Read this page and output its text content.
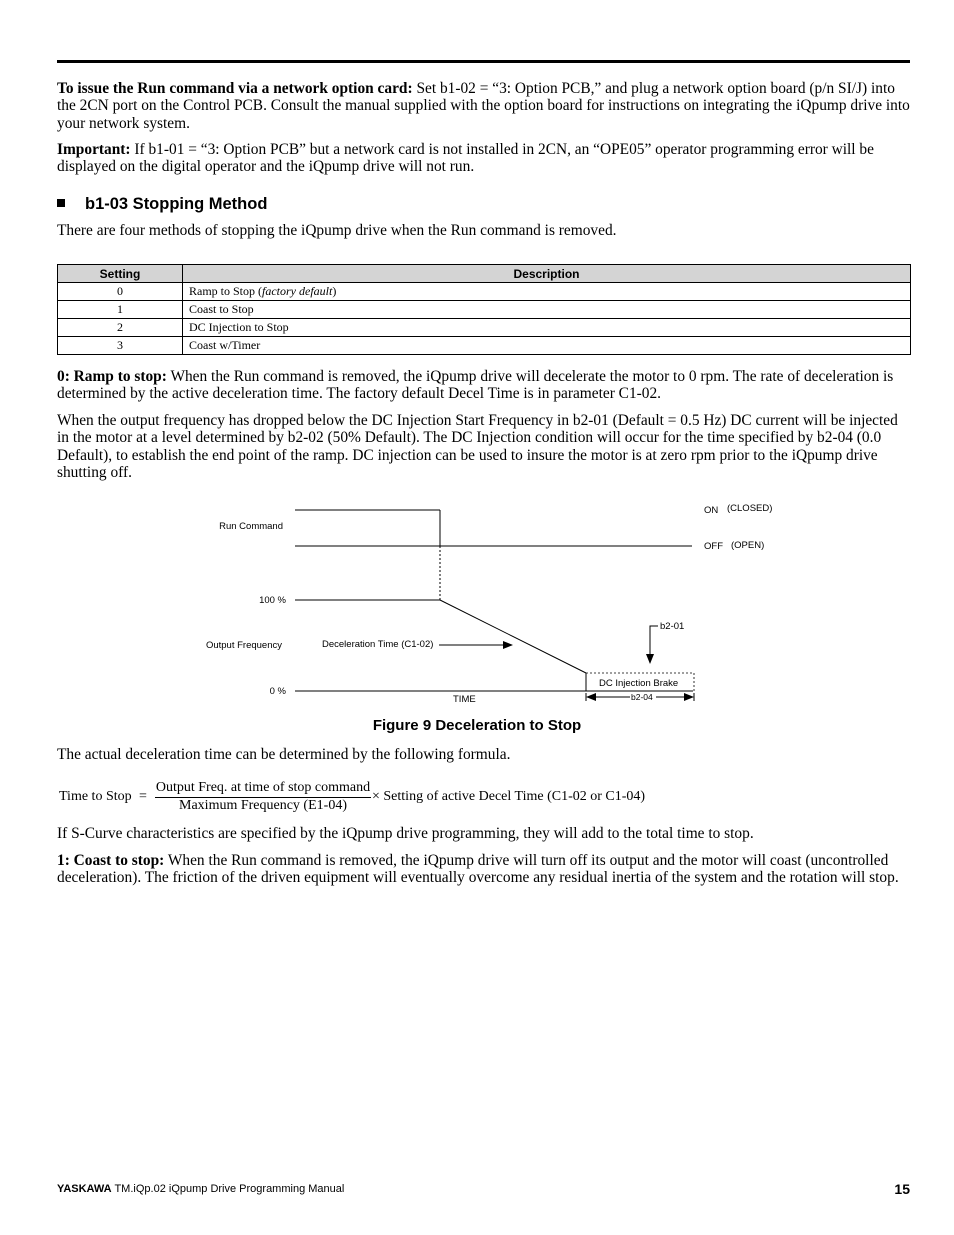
To issue the Run command via a network option card: Set b1-02 = “3: Option PCB,” and plug a network option board (p/n SI/J) into the 2CN port on the Control PCB. Consult the manual supplied with the option board for instructions on integrating the iQpump drive into your network system.

Important: If b1-01 = “3: Option PCB” but a network card is not installed in 2CN, an “OPE05” operator programming error will be displayed on the digital operator and the iQpump drive will not run.

b1-03 Stopping Method

There are four methods of stopping the iQpump drive when the Run command is removed.

Setting	Description
0	Ramp to Stop (factory default)
1	Coast to Stop
2	DC Injection to Stop
3	Coast w/Timer

0: Ramp to stop: When the Run command is removed, the iQpump drive will decelerate the motor to 0 rpm. The rate of deceleration is determined by the active deceleration time. The factory default Decel Time is in parameter C1-02.

When the output frequency has dropped below the DC Injection Start Frequency in b2-01 (Default = 0.5 Hz) DC current will be injected in the motor at a level determined by b2-02 (50% Default). The DC Injection condition will occur for the time specified by b2-04 (0.0 Default), to establish the end point of the ramp. DC injection can be used to insure the motor is at zero rpm prior to the iQpump drive shutting off.

Run Command
ON (CLOSED)
OFF (OPEN)
100 %
Output Frequency	Deceleration Time (C1-02)
b2-01
0 %
TIME
DC Injection Brake
b2-04
Figure 9 Deceleration to Stop

The actual deceleration time can be determined by the following formula.

Time to Stop =
Output Freq. at time of stop command
Maximum Frequency (E1-04)
× Setting of active Decel Time (C1-02 or C1-04)

If S-Curve characteristics are specified by the iQpump drive programming, they will add to the total time to stop.

1: Coast to stop: When the Run command is removed, the iQpump drive will turn off its output and the motor will coast (uncontrolled deceleration). The friction of the driven equipment will eventually overcome any residual inertia of the system and the rotation will stop.

YASKAWA TM.iQp.02 iQpump Drive Programming Manual	15
